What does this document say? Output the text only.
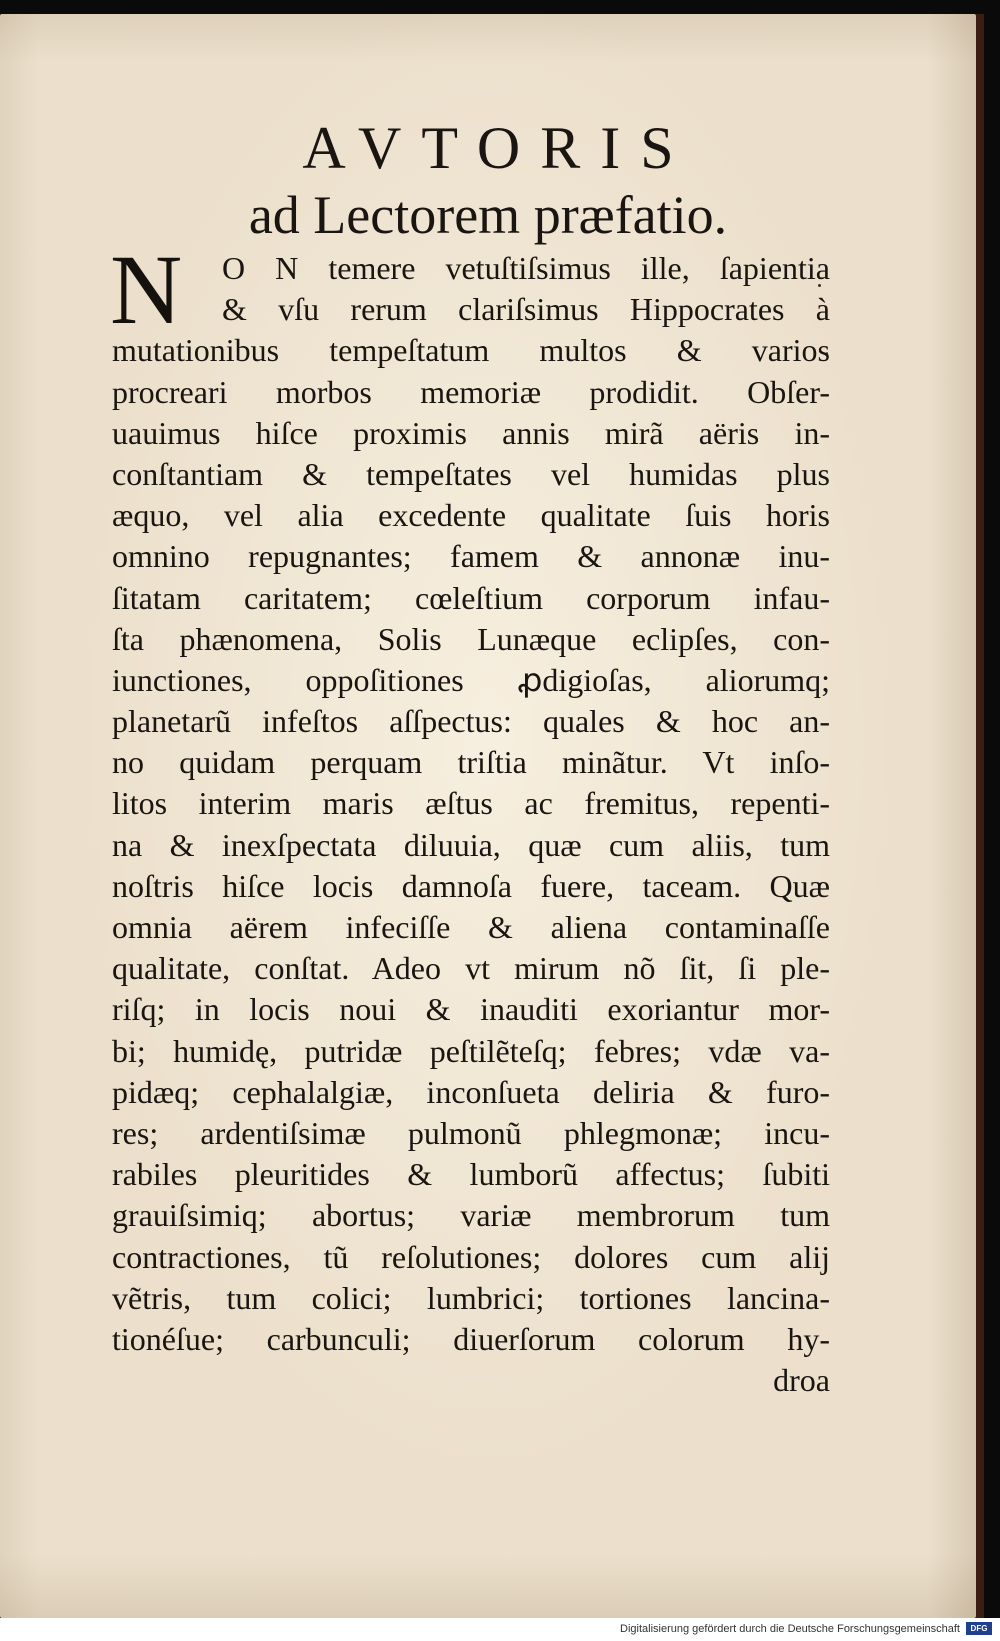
AVTORIS
ad Lectorem præfatio.
N	O N temere vetuſtiſsimus ille, ſapientia
& vſu rerum clariſsimus Hippocrates à
mutationibus tempeſtatum multos & varios
procreari morbos memoriæ prodidit. Obſer-
uauimus hiſce proximis annis mirã aëris in-
conſtantiam & tempeſtates vel humidas plus
æquo, vel alia excedente qualitate ſuis horis
omnino repugnantes; famem & annonæ inu-
ſitatam caritatem; cœleſtium corporum infau-
ſta phænomena, Solis Lunæque eclipſes, con-
iunctiones, oppoſitiones ꝓdigioſas, aliorumq;
planetarũ infeſtos aſſpectus: quales & hoc an-
no quidam perquam triſtia minãtur. Vt inſo-
litos interim maris æſtus ac fremitus, repenti-
na & inexſpectata diluuia, quæ cum aliis, tum
noſtris hiſce locis damnoſa fuere, taceam. Quæ
omnia aërem infeciſſe & aliena contaminaſſe
qualitate, conſtat. Adeo vt mirum nõ ſit, ſi ple-
riſq; in locis noui & inauditi exoriantur mor-
bi; humidę, putridæ peſtilẽteſq; febres; vdæ va-
pidæq; cephalalgiæ, inconſueta deliria & furo-
res; ardentiſsimæ pulmonũ phlegmonæ; incu-
rabiles pleuritides & lumborũ affectus; ſubiti
grauiſsimiq; abortus; variæ membrorum tum
contractiones, tũ reſolutiones; dolores cum alij
vẽtris, tum colici; lumbrici; tortiones lancina-
tionéſue; carbunculi; diuerſorum colorum hy-
droa
Digitalisierung gefördert durch die Deutsche Forschungsgemeinschaft	DFG
